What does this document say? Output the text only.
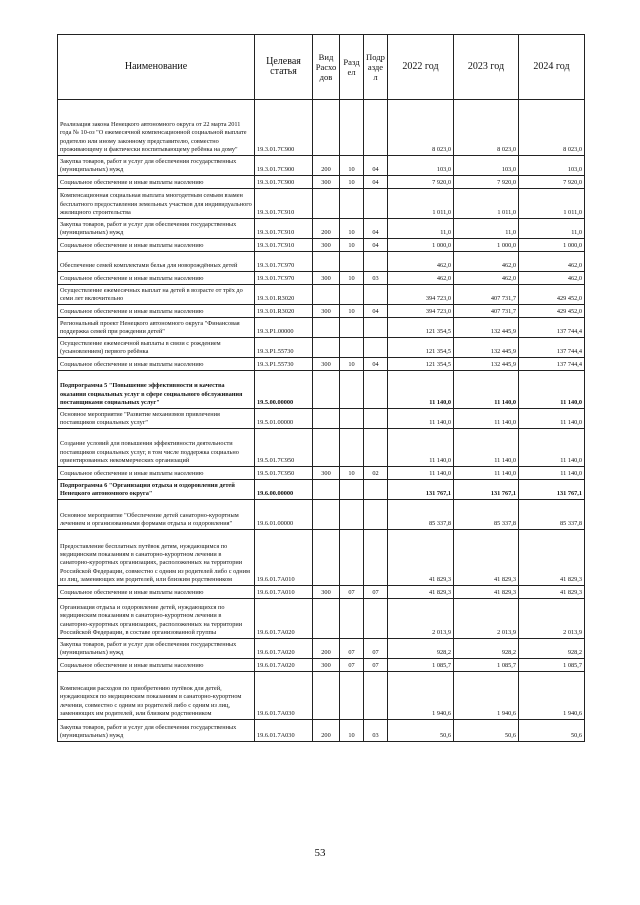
Наименование	Целевая статья	Вид Расхо дов	Разд ел	Подр азде л	2022 год	2023 год	2024 год
Реализация закона Ненецкого автономного округа от 22 марта 2011 года № 10-оз "О ежемесячной компенсационной социальной выплате родителю или иному законному представителю, совместно проживающему и фактически воспитывающему ребёнка на дому"	19.3.01.7С900				8 023,0	8 023,0	8 023,0
Закупка товаров, работ и услуг для обеспечения государственных (муниципальных) нужд	19.3.01.7С900	200	10	04	103,0	103,0	103,0
Социальное обеспечение и иные выплаты населению	19.3.01.7С900	300	10	04	7 920,0	7 920,0	7 920,0
Компенсационная социальная выплата многодетным семьям взамен бесплатного предоставления земельных участков для индивидуального жилищного строительства	19.3.01.7С910				1 011,0	1 011,0	1 011,0
Закупка товаров, работ и услуг для обеспечения государственных (муниципальных) нужд	19.3.01.7С910	200	10	04	11,0	11,0	11,0
Социальное обеспечение и иные выплаты населению	19.3.01.7С910	300	10	04	1 000,0	1 000,0	1 000,0
Обеспечение семей комплектами белья для новорождённых детей	19.3.01.7С970				462,0	462,0	462,0
Социальное обеспечение и иные выплаты населению	19.3.01.7С970	300	10	03	462,0	462,0	462,0
Осуществление ежемесячных выплат на детей в возрасте от трёх до семи лет включительно	19.3.01.R3020				394 723,0	407 731,7	429 452,0
Социальное обеспечение и иные выплаты населению	19.3.01.R3020	300	10	04	394 723,0	407 731,7	429 452,0
Региональный проект Ненецкого автономного округа "Финансовая поддержка семей при рождении детей"	19.3.P1.00000				121 354,5	132 445,9	137 744,4
Осуществление ежемесячной выплаты в связи с рождением (усыновлением) первого ребёнка	19.3.P1.55730				121 354,5	132 445,9	137 744,4
Социальное обеспечение и иные выплаты населению	19.3.P1.55730	300	10	04	121 354,5	132 445,9	137 744,4
Подпрограмма 5 "Повышение эффективности и качества оказания социальных услуг в сфере социального обслуживания поставщиками социальных услуг"	19.5.00.00000				11 140,0	11 140,0	11 140,0
Основное мероприятие "Развитие механизмов привлечения поставщиков социальных услуг"	19.5.01.00000				11 140,0	11 140,0	11 140,0
Создание условий для повышения эффективности деятельности поставщиков социальных услуг, в том числе поддержка социально ориентированных некоммерческих организаций	19.5.01.7С950				11 140,0	11 140,0	11 140,0
Социальное обеспечение и иные выплаты населению	19.5.01.7С950	300	10	02	11 140,0	11 140,0	11 140,0
Подпрограмма 6 "Организация отдыха и оздоровления детей Ненецкого автономного округа"	19.6.00.00000				131 767,1	131 767,1	131 767,1
Основное мероприятие "Обеспечение детей санаторно-курортным лечением и организованными формами отдыха и оздоровления"	19.6.01.00000				85 337,8	85 337,8	85 337,8
Предоставление бесплатных путёвок детям, нуждающимся по медицинским показаниям в санаторно-курортном лечении в санаторно-курортных организациях, расположенных на территории Российской Федерации, совместно с одним из родителей либо с одним из лиц, заменяющих им родителей, или близким родственником	19.6.01.7А010				41 829,3	41 829,3	41 829,3
Социальное обеспечение и иные выплаты населению	19.6.01.7А010	300	07	07	41 829,3	41 829,3	41 829,3
Организация отдыха и оздоровление детей, нуждающихся по медицинским показаниям в санаторно-курортном лечении в санаторно-курортных организациях, расположенных на территории Российской Федерации, в составе организованной группы	19.6.01.7А020				2 013,9	2 013,9	2 013,9
Закупка товаров, работ и услуг для обеспечения государственных (муниципальных) нужд	19.6.01.7А020	200	07	07	928,2	928,2	928,2
Социальное обеспечение и иные выплаты населению	19.6.01.7А020	300	07	07	1 085,7	1 085,7	1 085,7
Компенсация расходов по приобретению путёвок для детей, нуждающихся по медицинским показаниям в санаторно-курортном лечении, совместно с одним из родителей либо с одним из лиц, заменяющих им родителей, или близким родственником	19.6.01.7А030				1 940,6	1 940,6	1 940,6
Закупка товаров, работ и услуг для обеспечения государственных (муниципальных) нужд	19.6.01.7А030	200	10	03	50,6	50,6	50,6
53
